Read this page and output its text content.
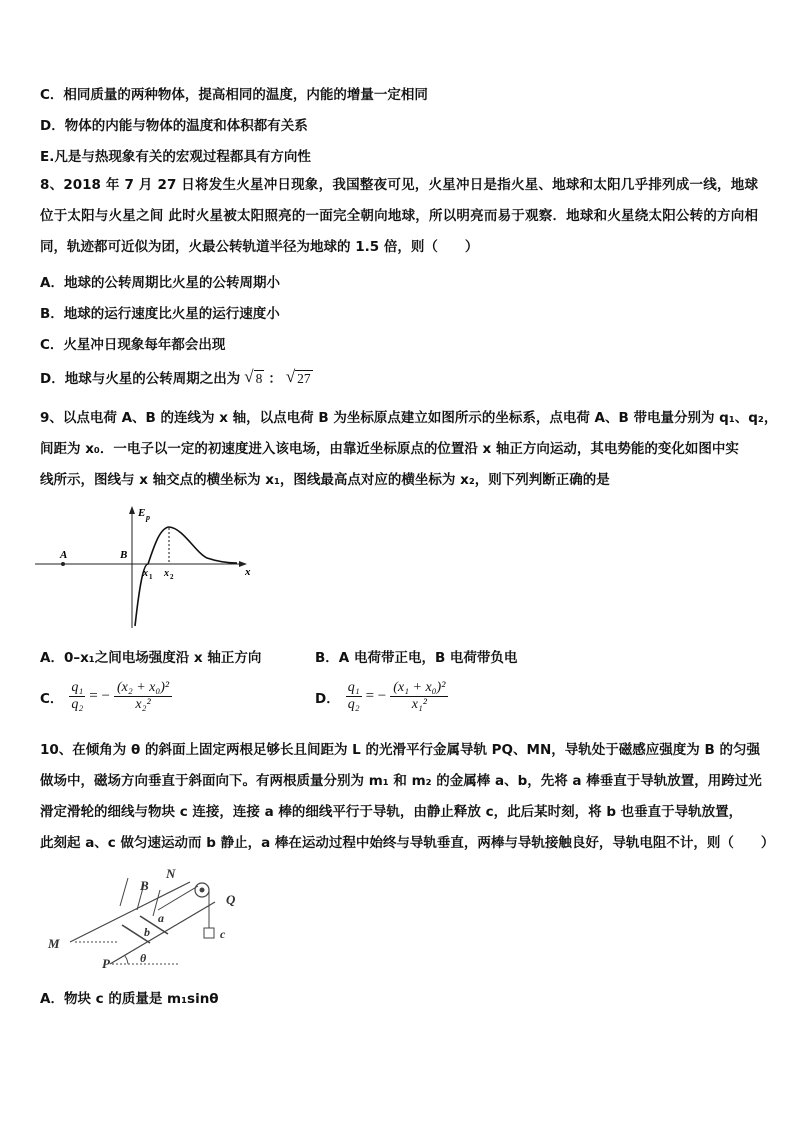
C．相同质量的两种物体，提高相同的温度，内能的增量一定相同
D．物体的内能与物体的温度和体积都有关系
E.凡是与热现象有关的宏观过程都具有方向性
8、2018 年 7 月 27 日将发生火星冲日现象，我国整夜可见，火星冲日是指火星、地球和太阳几乎排列成一线，地球位于太阳与火星之间 此时火星被太阳照亮的一面完全朝向地球，所以明亮而易于观察．地球和火星绕太阳公转的方向相同，轨迹都可近似为团，火最公转轨道半径为地球的 1.5 倍，则（　　）
A．地球的公转周期比火星的公转周期小
B．地球的运行速度比火星的运行速度小
C．火星冲日现象每年都会出现
D．地球与火星的公转周期之出为 √ 8 ： √ 27
9、以点电荷 A、B 的连线为 x 轴，以点电荷 B 为坐标原点建立如图所示的坐标系，点电荷 A、B 带电量分别为 q₁、q₂，
间距为 x₀．一电子以一定的初速度进入该电场，由靠近坐标原点的位置沿 x 轴正方向运动，其电势能的变化如图中实
线所示，图线与 x 轴交点的横坐标为 x₁，图线最高点对应的横坐标为 x₂，则下列判断正确的是
E p
x
A	B
x 1 x 2
A．0–x₁之间电场强度沿 x 轴正方向	B．A 电荷带正电，B 电荷带负电
C． $\frac{\text{q₁}}{\text{q₂}}$ = − $\frac{\text{(x₂ + x₀)²}}{\text{x₂²}}$	D． $\frac{\text{q₁}}{\text{q₂}}$ = − $\frac{\text{(x₁ + x₀)²}}{\text{x₁²}}$
10、在倾角为 θ 的斜面上固定两根足够长且间距为 L 的光滑平行金属导轨 PQ、MN，导轨处于磁感应强度为 B 的匀强
做场中，磁场方向垂直于斜面向下。有两根质量分别为 m₁ 和 m₂ 的金属棒 a、b，先将 a 棒垂直于导轨放置，用跨过光
滑定滑轮的细线与物块 c 连接，连接 a 棒的细线平行于导轨，由静止释放 c，此后某时刻，将 b 也垂直于导轨放置，
此刻起 a、c 做匀速运动而 b 静止，a 棒在运动过程中始终与导轨垂直，两棒与导轨接触良好，导轨电阻不计，则（　　）
B
N
Q
a
b
M
P	θ
c
A．物块 c 的质量是 m₁sinθ
